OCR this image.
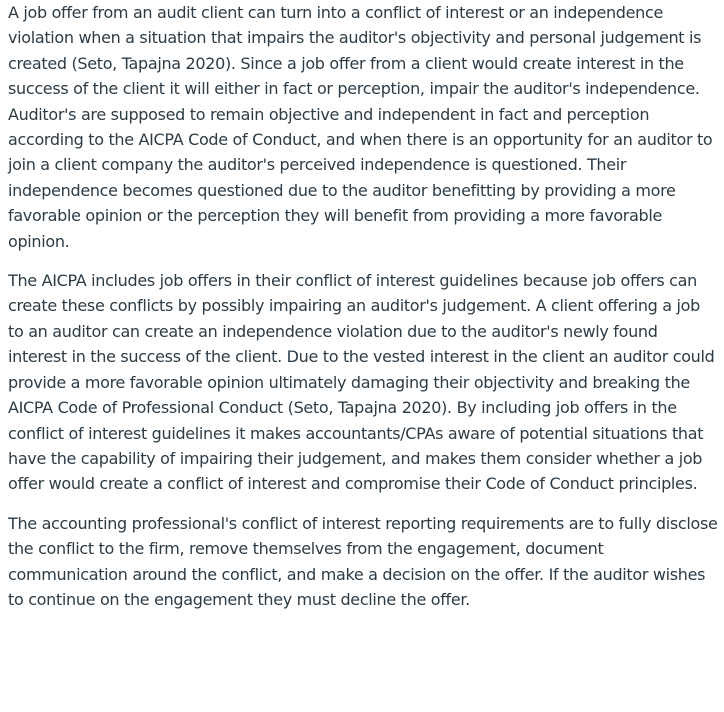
A job offer from an audit client can turn into a conflict of interest or an independence violation when a situation that impairs the auditor's objectivity and personal judgement is created (Seto, Tapajna 2020). Since a job offer from a client would create interest in the success of the client it will either in fact or perception, impair the auditor's independence. Auditor's are supposed to remain objective and independent in fact and perception according to the AICPA Code of Conduct, and when there is an opportunity for an auditor to join a client company the auditor's perceived independence is questioned. Their independence becomes questioned due to the auditor benefitting by providing a more favorable opinion or the perception they will benefit from providing a more favorable opinion.

The AICPA includes job offers in their conflict of interest guidelines because job offers can create these conflicts by possibly impairing an auditor's judgement. A client offering a job to an auditor can create an independence violation due to the auditor's newly found interest in the success of the client. Due to the vested interest in the client an auditor could provide a more favorable opinion ultimately damaging their objectivity and breaking the AICPA Code of Professional Conduct (Seto, Tapajna 2020). By including job offers in the conflict of interest guidelines it makes accountants/CPAs aware of potential situations that have the capability of impairing their judgement, and makes them consider whether a job offer would create a conflict of interest and compromise their Code of Conduct principles.

The accounting professional's conflict of interest reporting requirements are to fully disclose the conflict to the firm, remove themselves from the engagement, document communication around the conflict, and make a decision on the offer. If the auditor wishes to continue on the engagement they must decline the offer.
